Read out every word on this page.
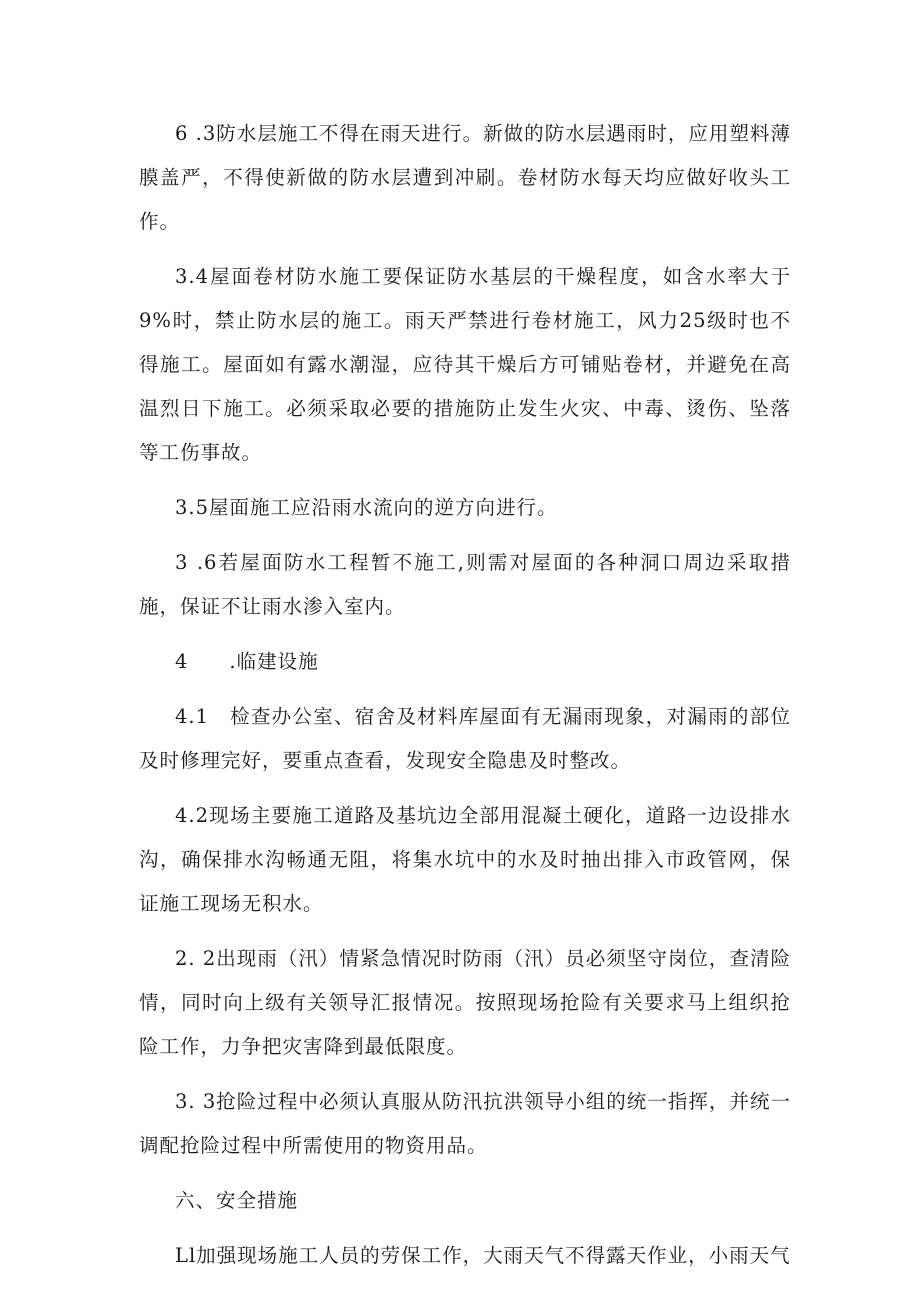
6 .3防水层施工不得在雨天进行。新做的防水层遇雨时，应用塑料薄膜盖严，不得使新做的防水层遭到冲刷。卷材防水每天均应做好收头工作。

3.4屋面卷材防水施工要保证防水基层的干燥程度，如含水率大于9%时，禁止防水层的施工。雨天严禁进行卷材施工，风力25级时也不得施工。屋面如有露水潮湿，应待其干燥后方可铺贴卷材，并避免在高温烈日下施工。必须采取必要的措施防止发生火灾、中毒、烫伤、坠落等工伤事故。

3.5屋面施工应沿雨水流向的逆方向进行。

3 .6若屋面防水工程暂不施工,则需对屋面的各种洞口周边采取措施，保证不让雨水渗入室内。

4　　.临建设施

4.1　检查办公室、宿舍及材料库屋面有无漏雨现象，对漏雨的部位及时修理完好，要重点查看，发现安全隐患及时整改。

4.2现场主要施工道路及基坑边全部用混凝土硬化，道路一边设排水沟，确保排水沟畅通无阻，将集水坑中的水及时抽出排入市政管网，保证施工现场无积水。

2. 2出现雨（汛）情紧急情况时防雨（汛）员必须坚守岗位，查清险情，同时向上级有关领导汇报情况。按照现场抢险有关要求马上组织抢险工作，力争把灾害降到最低限度。

3. 3抢险过程中必须认真服从防汛抗洪领导小组的统一指挥，并统一调配抢险过程中所需使用的物资用品。

六、安全措施

Ll加强现场施工人员的劳保工作，大雨天气不得露天作业，小雨天气
